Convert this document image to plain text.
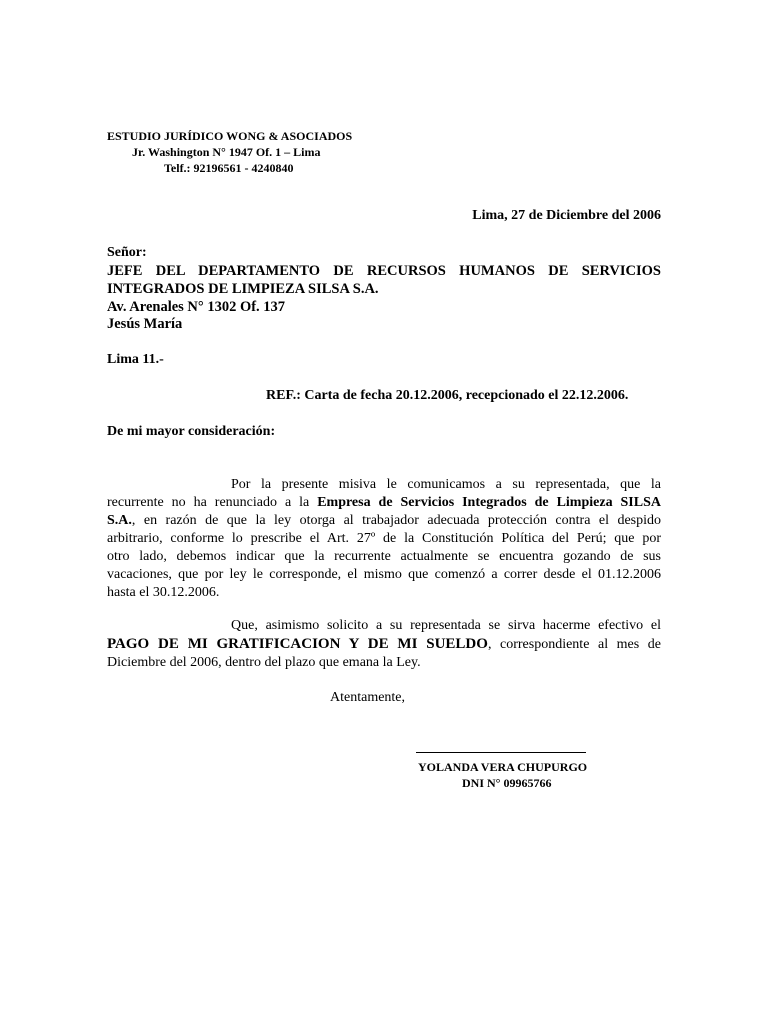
ESTUDIO JURÍDICO WONG & ASOCIADOS
Jr. Washington N° 1947 Of. 1 – Lima
Telf.: 92196561 - 4240840
Lima, 27 de Diciembre del 2006
Señor:
JEFE DEL DEPARTAMENTO DE RECURSOS HUMANOS DE SERVICIOS
INTEGRADOS DE LIMPIEZA SILSA S.A.
Av. Arenales N° 1302 Of. 137
Jesús María
Lima 11.-
REF.: Carta de fecha 20.12.2006, recepcionado el 22.12.2006.
De mi mayor consideración:
Por la presente misiva le comunicamos a su representada, que la
recurrente no ha renunciado a la Empresa de Servicios Integrados de Limpieza SILSA
S.A., en razón de que la ley otorga al trabajador adecuada protección contra el despido
arbitrario, conforme lo prescribe el Art. 27º de la Constitución Política del Perú; que por
otro lado, debemos indicar que la recurrente actualmente se encuentra gozando de sus
vacaciones, que por ley le corresponde, el mismo que comenzó a correr desde el 01.12.2006
hasta el 30.12.2006.
Que, asimismo solicito a su representada se sirva hacerme efectivo el
PAGO DE MI GRATIFICACION Y DE MI SUELDO, correspondiente al mes de
Diciembre del 2006, dentro del plazo que emana la Ley.
Atentamente,
YOLANDA VERA CHUPURGO
DNI N° 09965766
